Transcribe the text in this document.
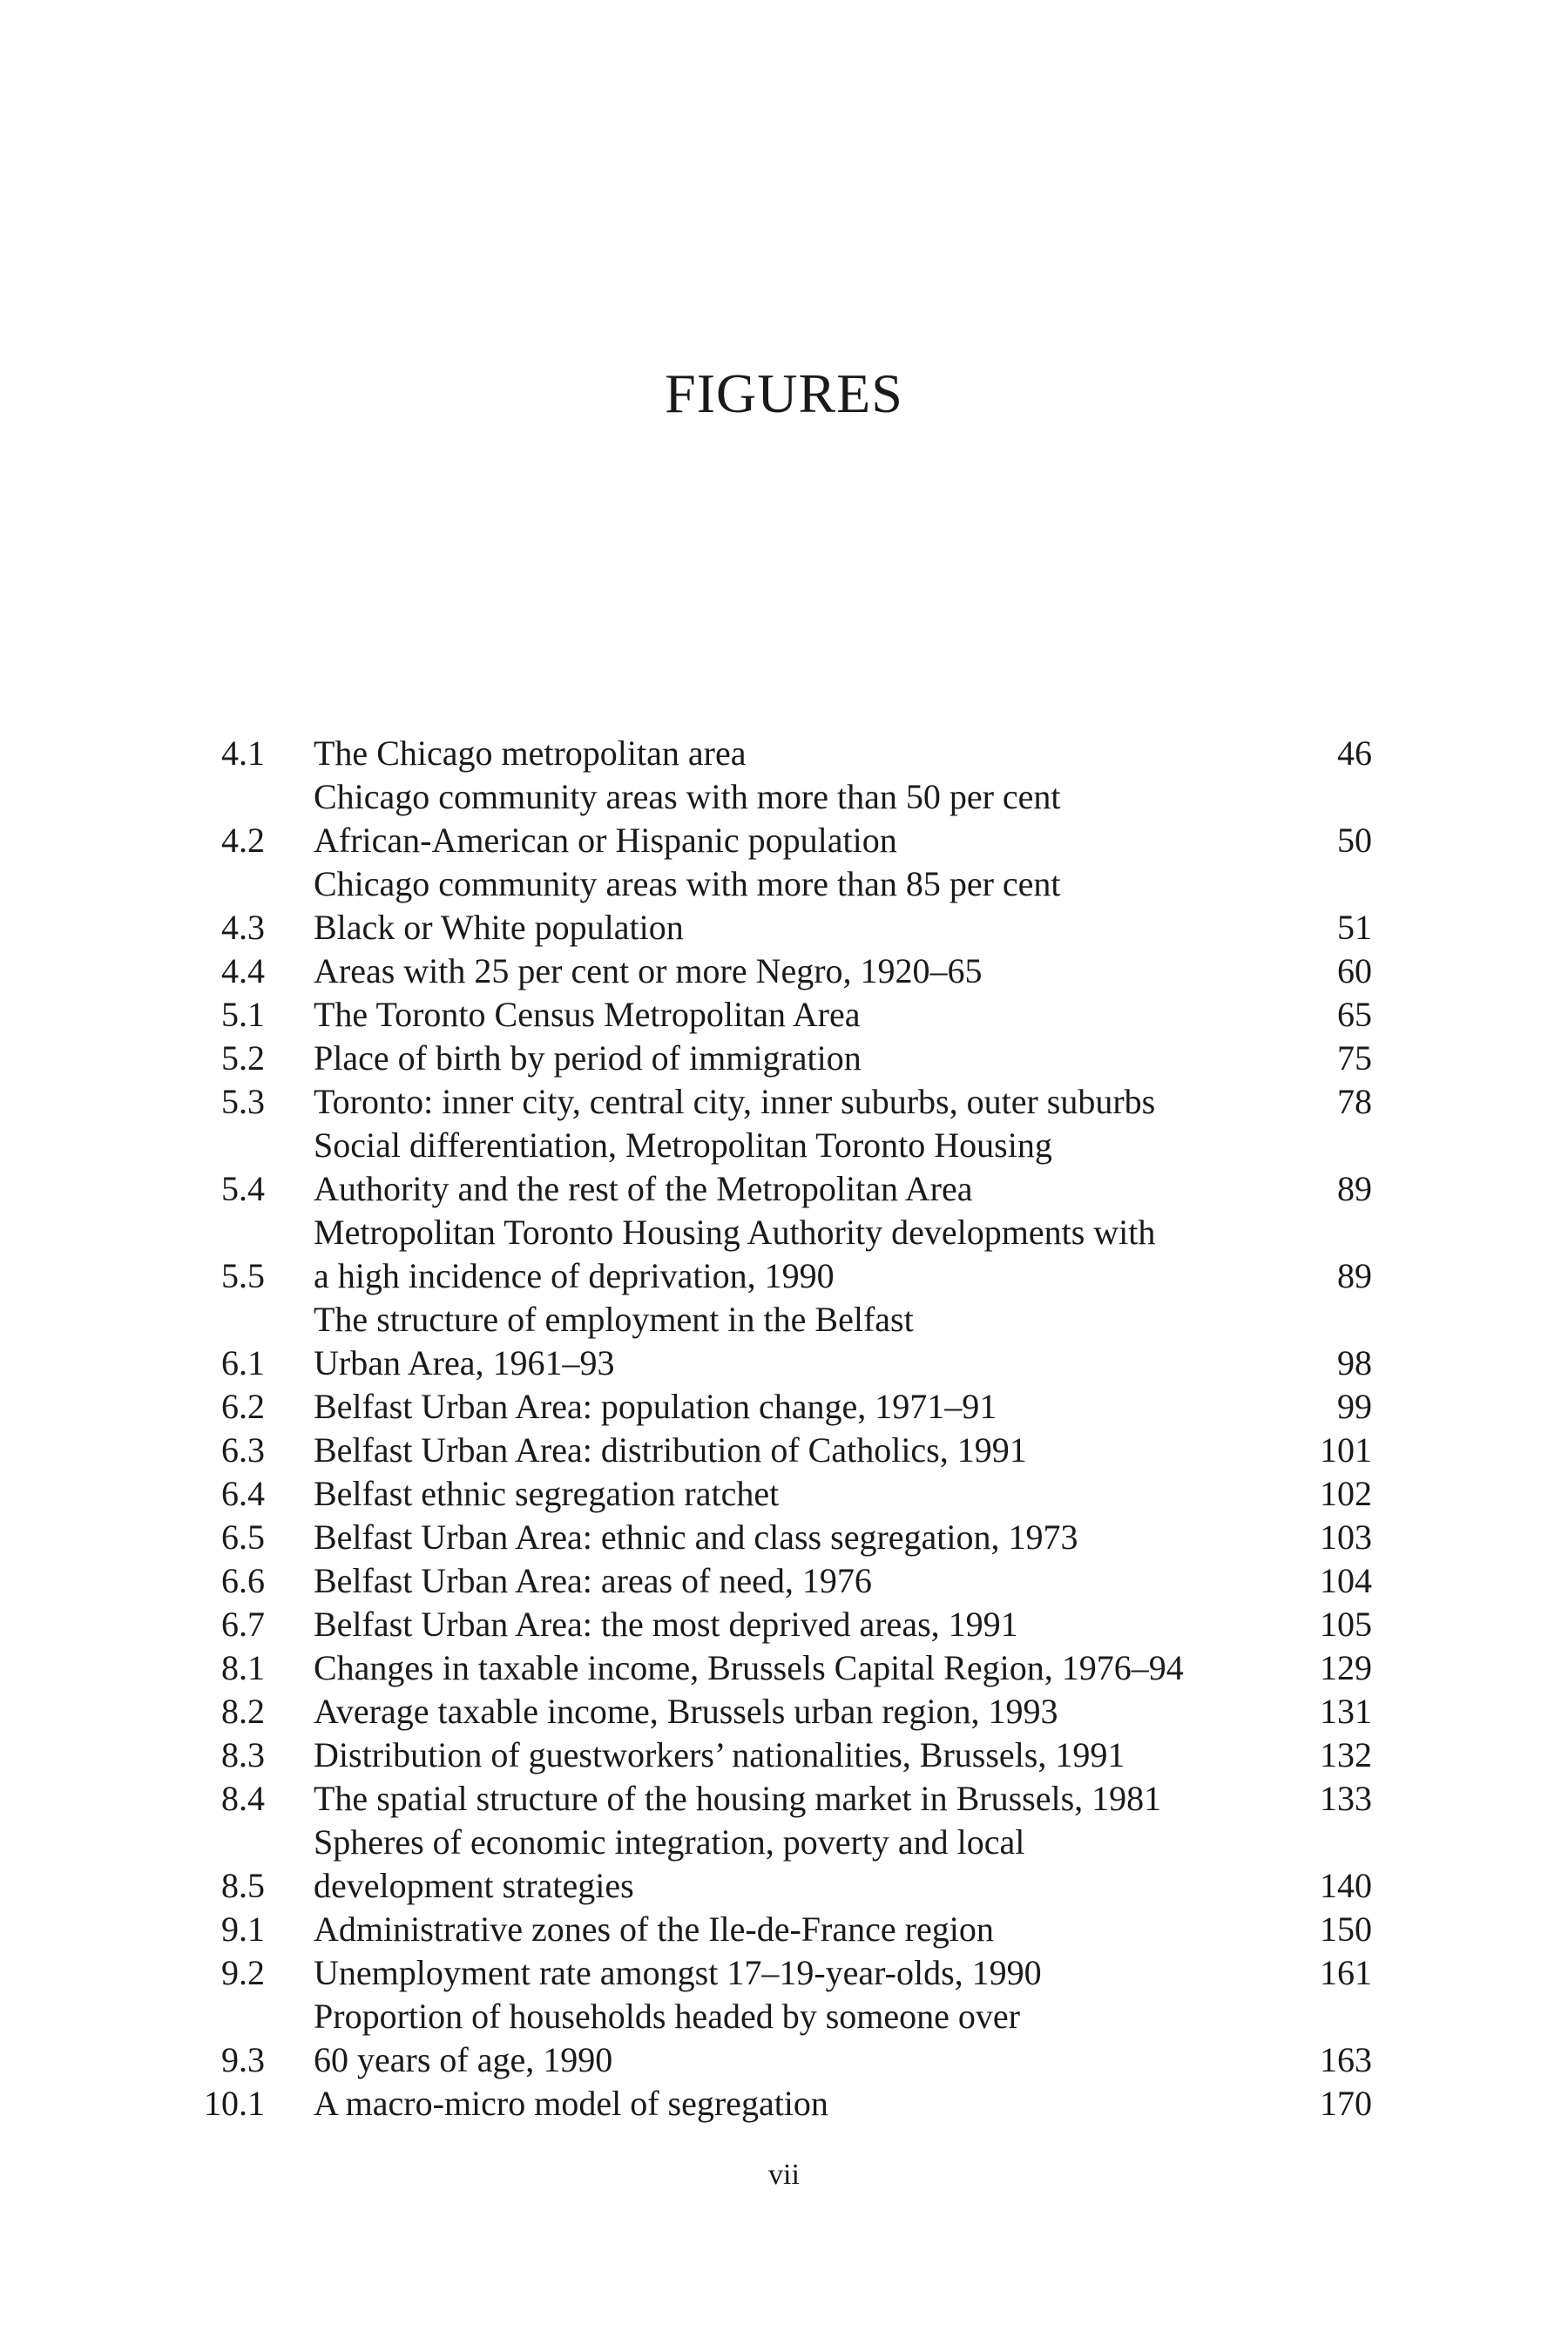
FIGURES
4.1 The Chicago metropolitan area	46
4.2
Chicago community areas with more than 50 per cent
African-American or Hispanic population	50
4.3
Chicago community areas with more than 85 per cent
Black or White population	51
4.4 Areas with 25 per cent or more Negro, 1920–65	60
5.1 The Toronto Census Metropolitan Area	65
5.2 Place of birth by period of immigration	75
5.3 Toronto: inner city, central city, inner suburbs, outer suburbs	78
5.4
Social differentiation, Metropolitan Toronto Housing
Authority and the rest of the Metropolitan Area	89
5.5
Metropolitan Toronto Housing Authority developments with
a high incidence of deprivation, 1990	89
6.1
The structure of employment in the Belfast
Urban Area, 1961–93	98
6.2 Belfast Urban Area: population change, 1971–91	99
6.3 Belfast Urban Area: distribution of Catholics, 1991	101
6.4 Belfast ethnic segregation ratchet	102
6.5 Belfast Urban Area: ethnic and class segregation, 1973	103
6.6 Belfast Urban Area: areas of need, 1976	104
6.7 Belfast Urban Area: the most deprived areas, 1991	105
8.1 Changes in taxable income, Brussels Capital Region, 1976–94	129
8.2 Average taxable income, Brussels urban region, 1993	131
8.3 Distribution of guestworkers’ nationalities, Brussels, 1991	132
8.4 The spatial structure of the housing market in Brussels, 1981	133
8.5
Spheres of economic integration, poverty and local
development strategies	140
9.1 Administrative zones of the Ile-de-France region	150
9.2 Unemployment rate amongst 17–19-year-olds, 1990	161
9.3
Proportion of households headed by someone over
60 years of age, 1990	163
10.1 A macro-micro model of segregation	170
vii
